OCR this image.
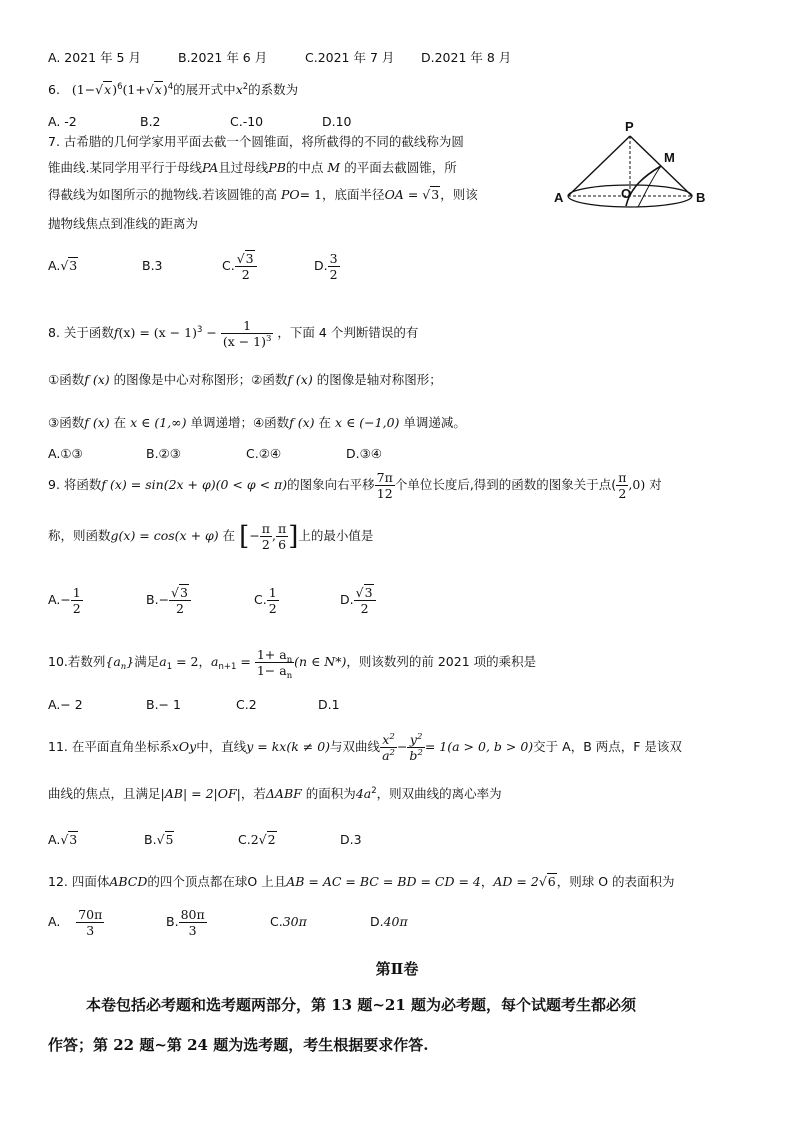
A. 2021 年 5 月	B.2021 年 6 月	C.2021 年 7 月 D.2021 年 8 月
6. $(1-√x)^6(1+√x)^4$的展开式中$x^2$的系数为
A. -2	B.2	C.-10	D.10
7. 古希腊的几何学家用平面去截一个圆锥面，将所截得的不同的截线称为圆
锥曲线.某同学用平行于母线PA且过母线PB的中点 M 的平面去截圆锥，所
得截线为如图所示的抛物线.若该圆锥的高 PO= 1，底面半径OA = √3，则该
抛物线焦点到准线的距离为
A.√3	B.3	C. $\frac{√3}{2}$	D. $\frac{3}{2}$
P
M
A	O	B
8. 关于函数$f(x) = (x - 1)^3 - \frac{1}{(x - 1)^3}$ ，下面 4 个判断错误的有
①函数f (x) 的图像是中心对称图形；②函数f (x) 的图像是轴对称图形；
③函数f (x) 在 x ∈ (1,∞) 单调递增；④函数f (x) 在 x ∈ (−1,0) 单调递减。
A.①③	B.②③	C.②④	D.③④
9. 将函数f (x) = sin(2x + φ)(0 < φ < π)的图象向右平移 $\frac{7\pi}{12}$ 个单位长度后,得到的函数的图象关于点( $\frac{\pi}{2} ,0$) 对
称，则函数g(x) = cos(x + φ) 在 [− $\frac{\pi}{2}$ , $\frac{\pi}{6}$ ]上的最小值是
$A.- \frac{1}{2}$	$B.- \frac{√3}{2}$	C. $\frac{1}{2}$	D. $\frac{√3}{2}$
10.若数列$\{a_n\}$满足$a_1 = 2$，$a_{n+1} = \frac{1+ a_n}{1- a_n} (n$ ∈ N*)，则该数列的前 2021 项的乘积是
A.− 2	B.− 1	C.2	D.1
11. 在平面直角坐标系xOy中，直线y = kx(k ≠ 0)与双曲线 $\frac{x^2}{a^2} - \frac{y^2}{b^2} = 1(a > 0$, b > 0)交于 A，B 两点，F 是该双
曲线的焦点，且满足|AB| = 2|OF|，若ΔABF 的面积为$4a^2$，则双曲线的离心率为
A.√3	B.√5	C.2√2	D.3
12. 四面体ABCD的四个顶点都在球O 上且AB = AC = BC = BD = CD = 4，AD = 2√6，则球 O 的表面积为
A. $\frac{70\pi}{3}$	B. $\frac{80\pi}{3}$	C.30π	D.40π
第Ⅱ卷
本卷包括必考题和选考题两部分，第 13 题~21 题为必考题，每个试题考生都必须
作答；第 22 题~第 24 题为选考题，考生根据要求作答.
